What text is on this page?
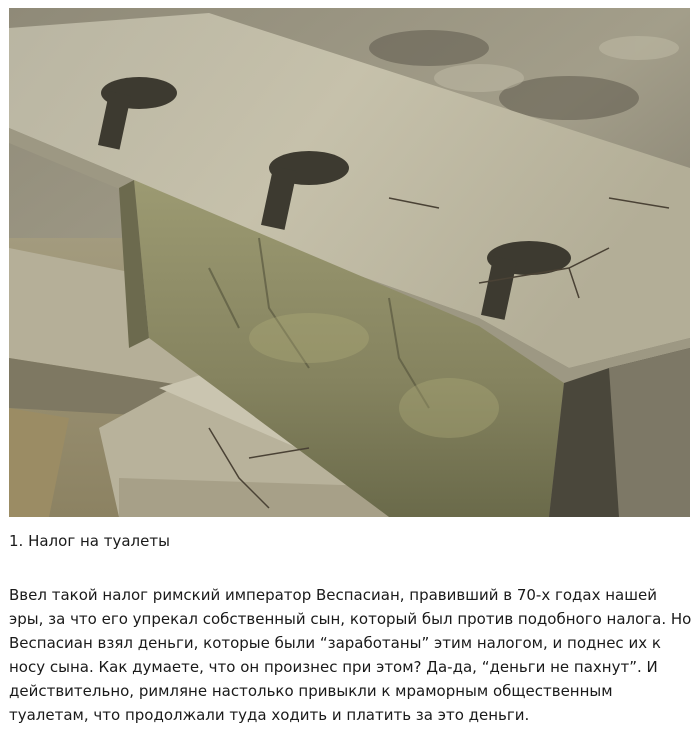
1. Налог на туалеты

Ввел такой налог римский император Веспасиан, правивший в 70-х годах нашей эры, за что его упрекал собственный сын, который был против подобного налога. Но Веспасиан взял деньги, которые были “заработаны” этим налогом, и поднес их к носу сына. Как думаете, что он произнес при этом? Да-да, “деньги не пахнут”. И действительно, римляне настолько привыкли к мраморным общественным туалетам, что продолжали туда ходить и платить за это деньги.
